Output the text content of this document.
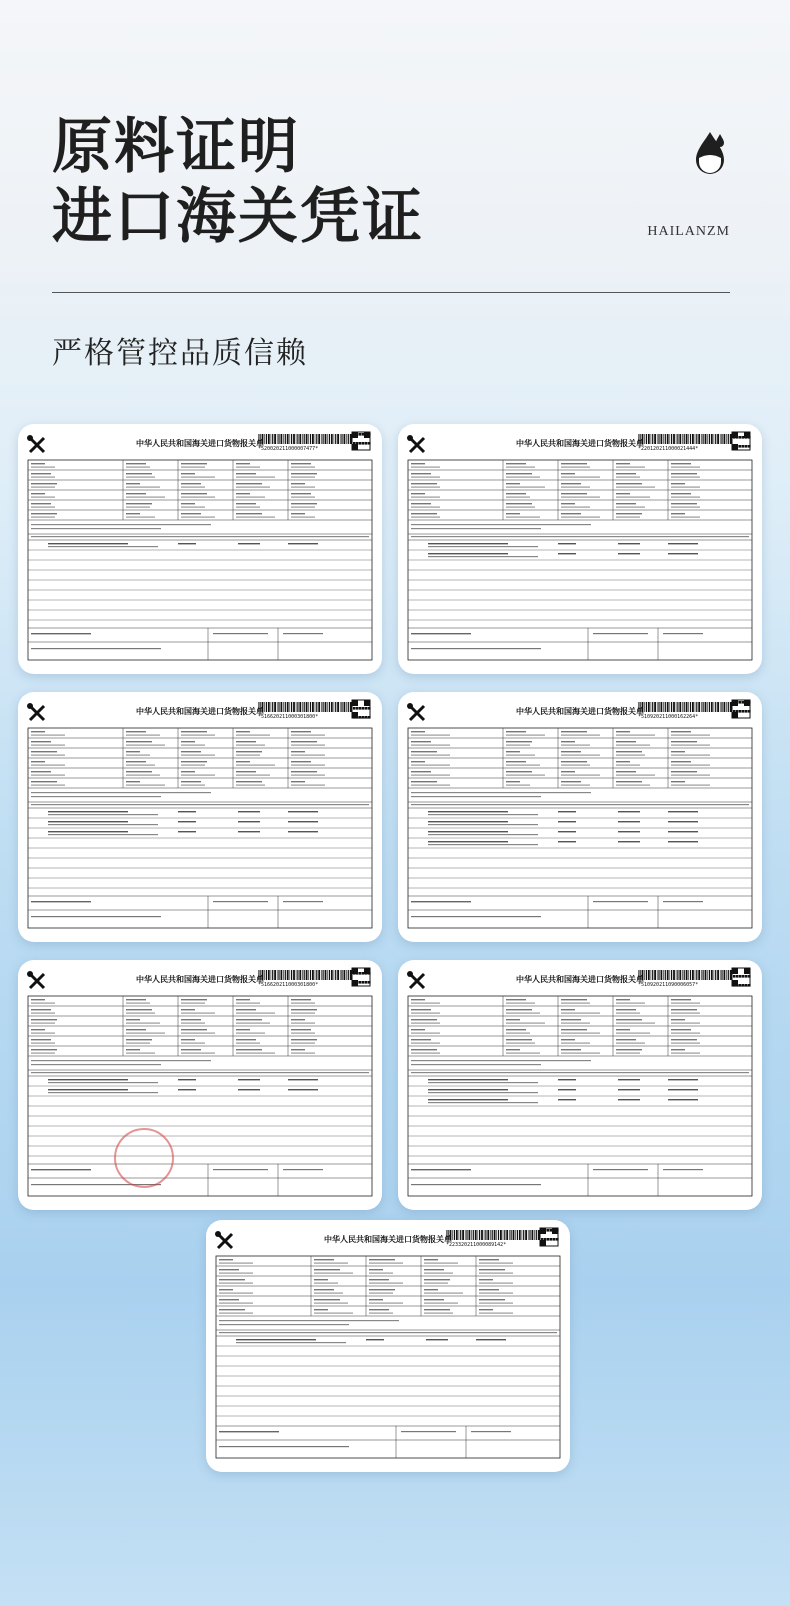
原料证明
进口海关凭证	HAILANZM
严格管控品质信赖
中华人民共和国海关进口货物报关单
*520020211000007477*
中华人民共和国海关进口货物报关单
*220120211000021444*
中华人民共和国海关进口货物报关单
*516620211000301800*
中华人民共和国海关进口货物报关单
*510920211000162264*
中华人民共和国海关进口货物报关单
*516620211000301800*
中华人民共和国海关进口货物报关单
*510920211090006057*
中华人民共和国海关进口货物报关单
*223320211000089142*
